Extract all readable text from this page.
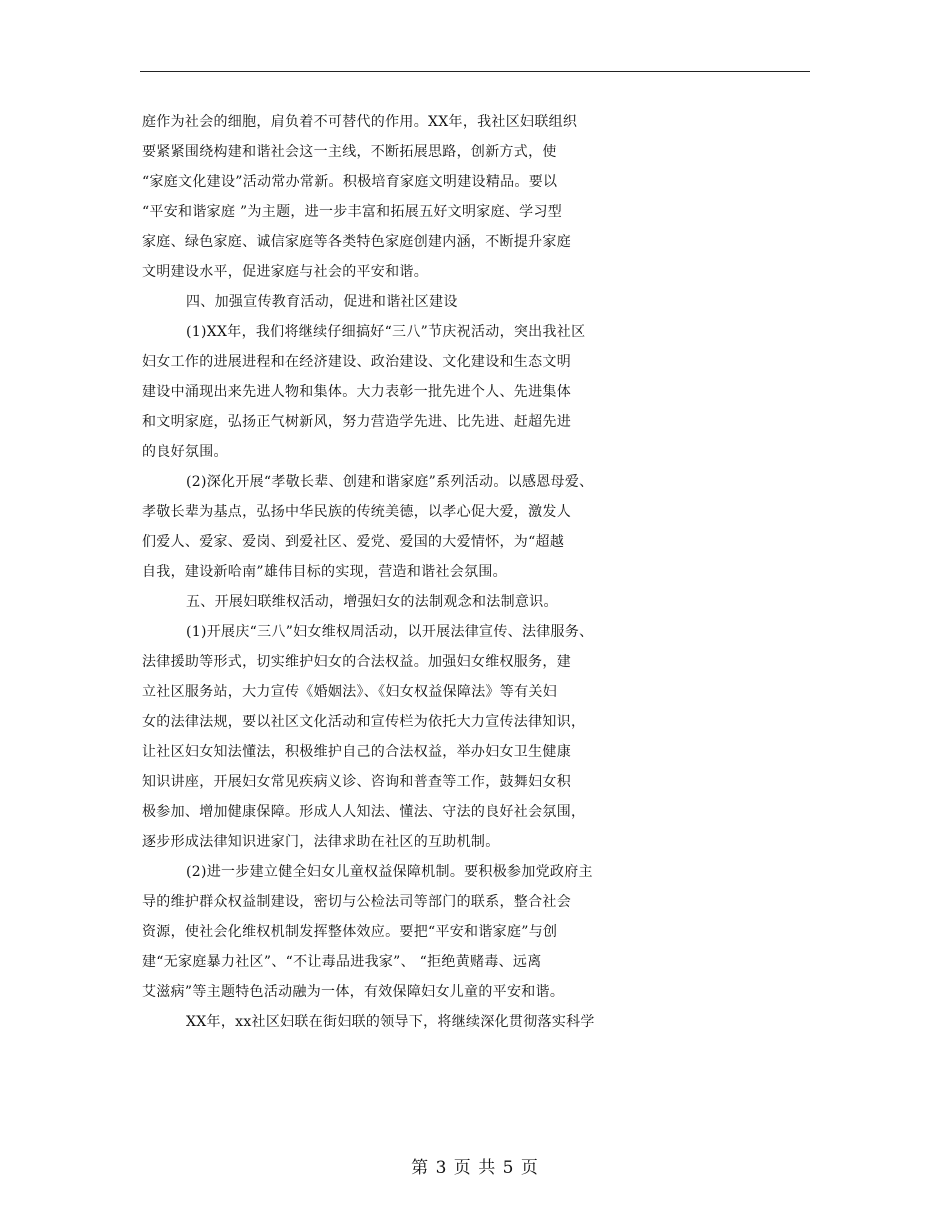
庭作为社会的细胞，肩负着不可替代的作用。XX年，我社区妇联组织
要紧紧围绕构建和谐社会这一主线，不断拓展思路，创新方式，使
“家庭文化建设”活动常办常新。积极培育家庭文明建设精品。要以
“平安和谐家庭 ”为主题，进一步丰富和拓展五好文明家庭、学习型
家庭、绿色家庭、诚信家庭等各类特色家庭创建内涵，不断提升家庭
文明建设水平，促进家庭与社会的平安和谐。
四、加强宣传教育活动，促进和谐社区建设
(1)XX年，我们将继续仔细搞好“三八”节庆祝活动，突出我社区
妇女工作的进展进程和在经济建设、政治建设、文化建设和生态文明
建设中涌现出来先进人物和集体。大力表彰一批先进个人、先进集体
和文明家庭，弘扬正气树新风，努力营造学先进、比先进、赶超先进
的良好氛围。
(2)深化开展“孝敬长辈、创建和谐家庭”系列活动。以感恩母爱、
孝敬长辈为基点，弘扬中华民族的传统美德，以孝心促大爱，激发人
们爱人、爱家、爱岗、到爱社区、爱党、爱国的大爱情怀，为“超越
自我，建设新哈南”雄伟目标的实现，营造和谐社会氛围。
五、开展妇联维权活动，增强妇女的法制观念和法制意识。
(1)开展庆“三八”妇女维权周活动，以开展法律宣传、法律服务、
法律援助等形式，切实维护妇女的合法权益。加强妇女维权服务，建
立社区服务站，大力宣传《婚姻法》、《妇女权益保障法》等有关妇
女的法律法规，要以社区文化活动和宣传栏为依托大力宣传法律知识，
让社区妇女知法懂法，积极维护自己的合法权益，举办妇女卫生健康
知识讲座，开展妇女常见疾病义诊、咨询和普查等工作，鼓舞妇女积
极参加、增加健康保障。形成人人知法、懂法、守法的良好社会氛围，
逐步形成法律知识进家门，法律求助在社区的互助机制。
(2)进一步建立健全妇女儿童权益保障机制。要积极参加党政府主
导的维护群众权益制建设，密切与公检法司等部门的联系，整合社会
资源，使社会化维权机制发挥整体效应。要把“平安和谐家庭”与创
建“无家庭暴力社区”、“不让毒品进我家”、 “拒绝黄赌毒、远离
艾滋病”等主题特色活动融为一体，有效保障妇女儿童的平安和谐。
XX年，xx社区妇联在街妇联的领导下，将继续深化贯彻落实科学
第 3 页 共 5 页
